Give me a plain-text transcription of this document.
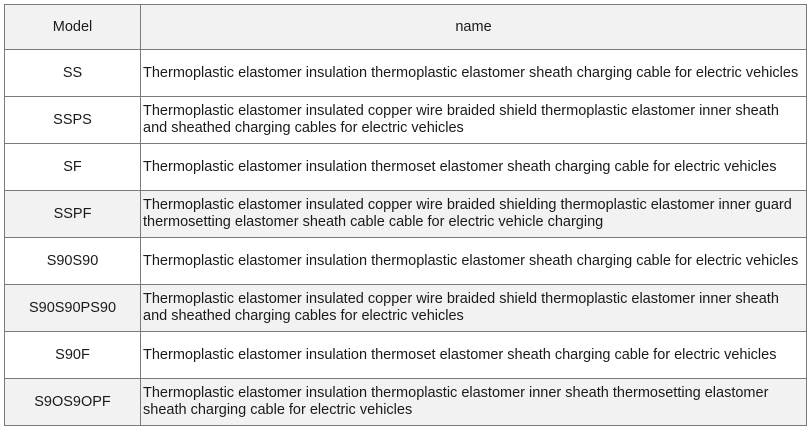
Model	name
SS	Thermoplastic elastomer insulation thermoplastic elastomer sheath charging cable for electric vehicles
SSPS	Thermoplastic elastomer insulated copper wire braided shield thermoplastic elastomer inner sheath and sheathed charging cables for electric vehicles
SF	Thermoplastic elastomer insulation thermoset elastomer sheath charging cable for electric vehicles
SSPF	Thermoplastic elastomer insulated copper wire braided shielding thermoplastic elastomer inner guard thermosetting elastomer sheath cable cable for electric vehicle charging
S90S90	Thermoplastic elastomer insulation thermoplastic elastomer sheath charging cable for electric vehicles
S90S90PS90	Thermoplastic elastomer insulated copper wire braided shield thermoplastic elastomer inner sheath and sheathed charging cables for electric vehicles
S90F	Thermoplastic elastomer insulation thermoset elastomer sheath charging cable for electric vehicles
S9OS9OPF	Thermoplastic elastomer insulation thermoplastic elastomer inner sheath thermosetting elastomer sheath charging cable for electric vehicles
